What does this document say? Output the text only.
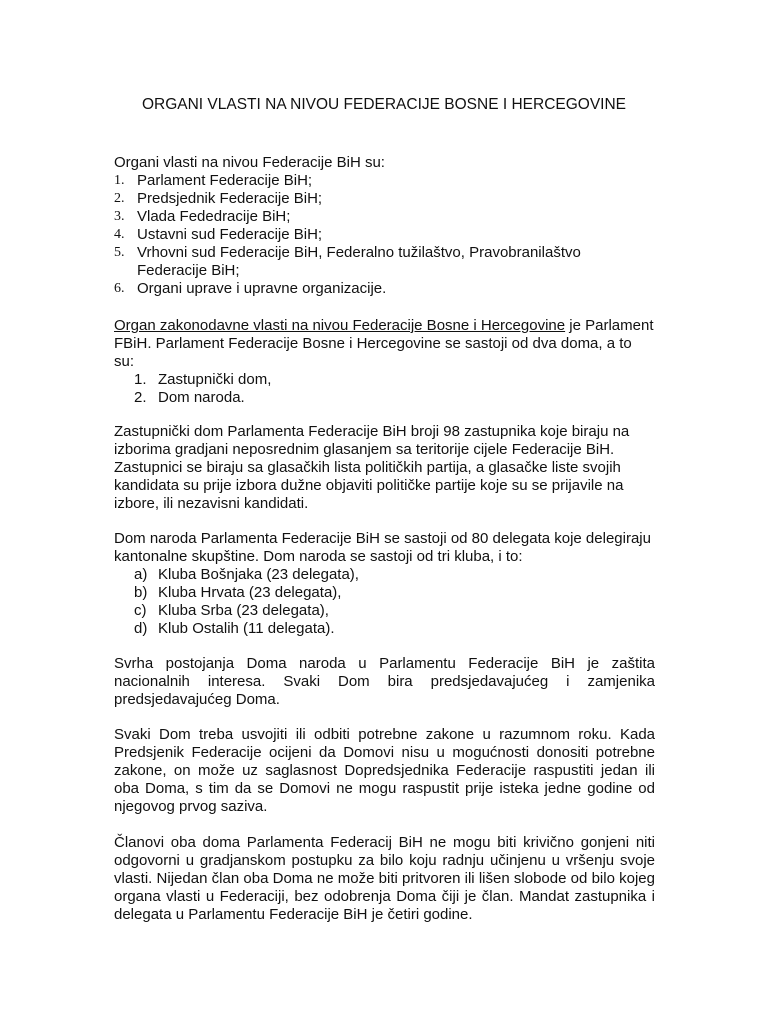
ORGANI VLASTI NA NIVOU FEDERACIJE BOSNE I HERCEGOVINE
Organi vlasti na nivou Federacije BiH su:
1. Parlament Federacije BiH;
2. Predsjednik Federacije BiH;
3. Vlada Fededracije BiH;
4. Ustavni sud Federacije BiH;
5. Vrhovni sud Federacije BiH, Federalno tužilaštvo, Pravobranilaštvo Federacije BiH;
6. Organi uprave i upravne organizacije.
Organ zakonodavne vlasti na nivou Federacije Bosne i Hercegovine je Parlament FBiH. Parlament Federacije Bosne i Hercegovine se sastoji od dva doma, a to su:
1. Zastupnički dom,
2. Dom naroda.
Zastupnički dom Parlamenta Federacije BiH broji 98 zastupnika koje biraju na izborima gradjani neposrednim glasanjem sa teritorije cijele Federacije BiH. Zastupnici se biraju sa glasačkih lista političkih partija, a glasačke liste svojih kandidata su prije izbora dužne objaviti političke partije koje su se prijavile na izbore, ili nezavisni kandidati.
Dom naroda Parlamenta Federacije BiH se sastoji od 80 delegata koje delegiraju kantonalne skupštine. Dom naroda se sastoji od tri kluba, i to:
a) Kluba Bošnjaka (23 delegata),
b) Kluba Hrvata (23 delegata),
c) Kluba Srba (23 delegata),
d) Klub Ostalih (11 delegata).
Svrha postojanja Doma naroda u Parlamentu Federacije BiH je zaštita nacionalnih interesa. Svaki Dom bira predsjedavajućeg i zamjenika predsjedavajućeg Doma.
Svaki Dom treba usvojiti ili odbiti potrebne zakone u razumnom roku. Kada Predsjenik Federacije ocijeni da Domovi nisu u mogućnosti donositi potrebne zakone, on može uz saglasnost Dopredsjednika Federacije raspustiti jedan ili oba Doma, s tim da se Domovi ne mogu raspustit prije isteka jedne godine od njegovog prvog saziva.
Članovi oba doma Parlamenta Federacij BiH ne mogu biti krivično gonjeni niti odgovorni u gradjanskom postupku za bilo koju radnju učinjenu u vršenju svoje vlasti. Nijedan član oba Doma ne može biti pritvoren ili lišen slobode od bilo kojeg organa vlasti u Federaciji, bez odobrenja Doma čiji je član. Mandat zastupnika i delegata u Parlamentu Federacije BiH je četiri godine.
